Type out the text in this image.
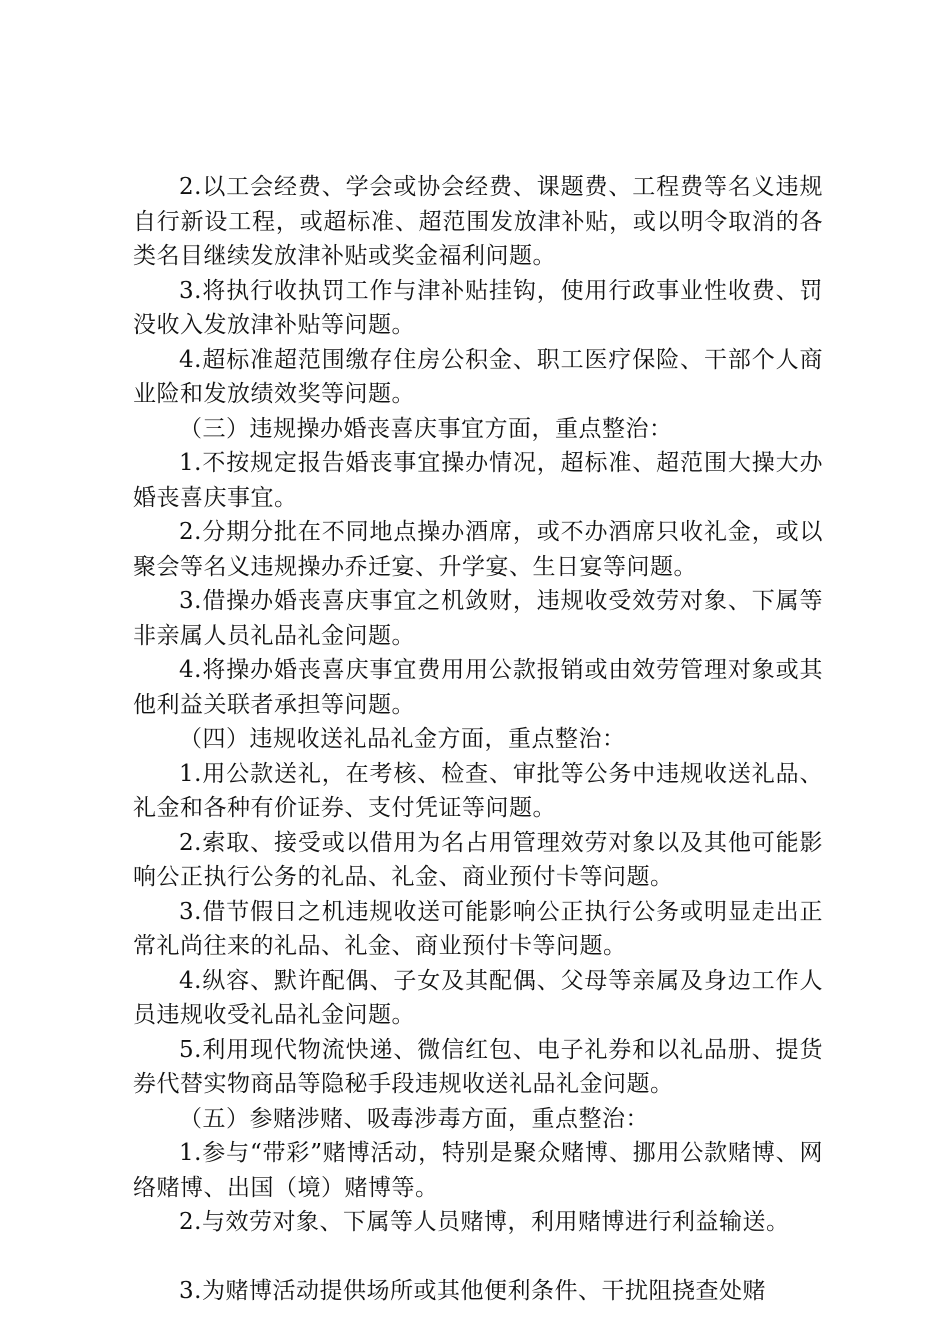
2.以工会经费、学会或协会经费、课题费、工程费等名义违规自行新设工程，或超标准、超范围发放津补贴，或以明令取消的各类名目继续发放津补贴或奖金福利问题。

3.将执行收执罚工作与津补贴挂钩，使用行政事业性收费、罚没收入发放津补贴等问题。

4.超标准超范围缴存住房公积金、职工医疗保险、干部个人商业险和发放绩效奖等问题。

（三）违规操办婚丧喜庆事宜方面，重点整治：

1.不按规定报告婚丧事宜操办情况，超标准、超范围大操大办婚丧喜庆事宜。

2.分期分批在不同地点操办酒席，或不办酒席只收礼金，或以聚会等名义违规操办乔迁宴、升学宴、生日宴等问题。

3.借操办婚丧喜庆事宜之机敛财，违规收受效劳对象、下属等非亲属人员礼品礼金问题。

4.将操办婚丧喜庆事宜费用用公款报销或由效劳管理对象或其他利益关联者承担等问题。

（四）违规收送礼品礼金方面，重点整治：

1.用公款送礼，在考核、检查、审批等公务中违规收送礼品、礼金和各种有价证券、支付凭证等问题。

2.索取、接受或以借用为名占用管理效劳对象以及其他可能影响公正执行公务的礼品、礼金、商业预付卡等问题。

3.借节假日之机违规收送可能影响公正执行公务或明显走出正常礼尚往来的礼品、礼金、商业预付卡等问题。

4.纵容、默许配偶、子女及其配偶、父母等亲属及身边工作人员违规收受礼品礼金问题。

5.利用现代物流快递、微信红包、电子礼券和以礼品册、提货券代替实物商品等隐秘手段违规收送礼品礼金问题。

（五）参赌涉赌、吸毒涉毒方面，重点整治：

1.参与“带彩”赌博活动，特别是聚众赌博、挪用公款赌博、网络赌博、出国（境）赌博等。

2.与效劳对象、下属等人员赌博，利用赌博进行利益输送。

3.为赌博活动提供场所或其他便利条件、干扰阻挠查处赌
